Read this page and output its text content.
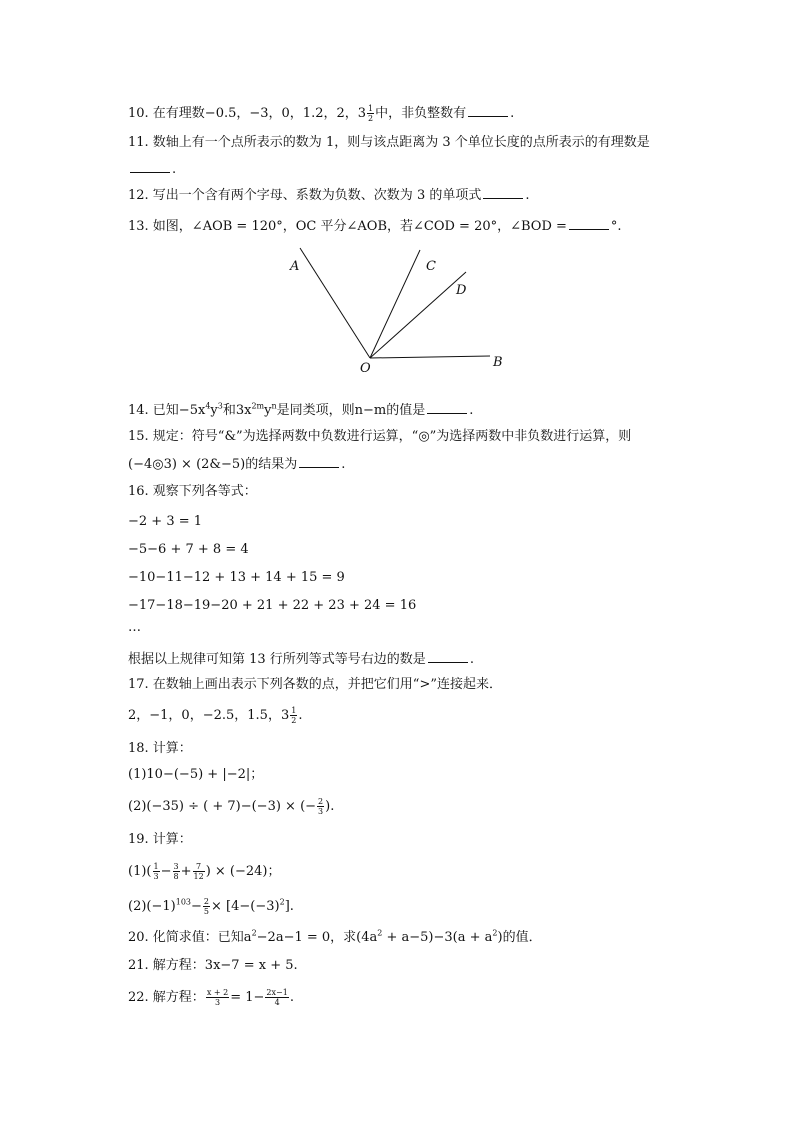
10. 在有理数−0.5，−3，0，1.2，2，$3 \frac{1}{2}$ 中，非负整数有	.
11. 数轴上有一个点所表示的数为 1，则与该点距离为 3 个单位长度的点所表示的有理数是
.
12. 写出一个含有两个字母、系数为负数、次数为 3 的单项式	.
13. 如图，∠AOB = 120°，OC 平分∠AOB，若∠COD = 20°，∠BOD =	°.
A	C
D
O	B
14. 已知$-5x^4y^3$和$3x^{2m}y^n$是同类项，则n−m的值是	.
15. 规定：符号“&”为选择两数中负数进行运算，“◎”为选择两数中非负数进行运算，则
(−4◎3) × (2&−5)的结果为	.
16. 观察下列各等式：
−2 + 3 = 1
−5−6 + 7 + 8 = 4
−10−11−12 + 13 + 14 + 15 = 9
−17−18−19−20 + 21 + 22 + 23 + 24 = 16
…
根据以上规律可知第 13 行所列等式等号右边的数是	.
17. 在数轴上画出表示下列各数的点，并把它们用“>”连接起来．
2，−1，0，−2.5，1.5，$3 \frac{1}{2}$ .
18. 计算：
(1)10−(−5) + |−2|；
(2)(−35) ÷ ( + 7)−(−3) × (− $\frac{2}{3}$ ).
19. 计算：
$(1)( \frac{1}{3} - \frac{3}{8} + \frac{7}{12}$ ) × (−24)；
$(2)(-1)^{103}- \frac{2}{5} \times [4-(-3)^2]$.
20. 化简求值：已知$a^2-2a-1 = 0$，求$(4a^2 + a-5)-3(a + a^2)$的值．
21. 解方程：3x−7 = x + 5.
22. 解方程： $\frac{x + 2}{3} = 1- \frac{2x-1}{4}$ .
